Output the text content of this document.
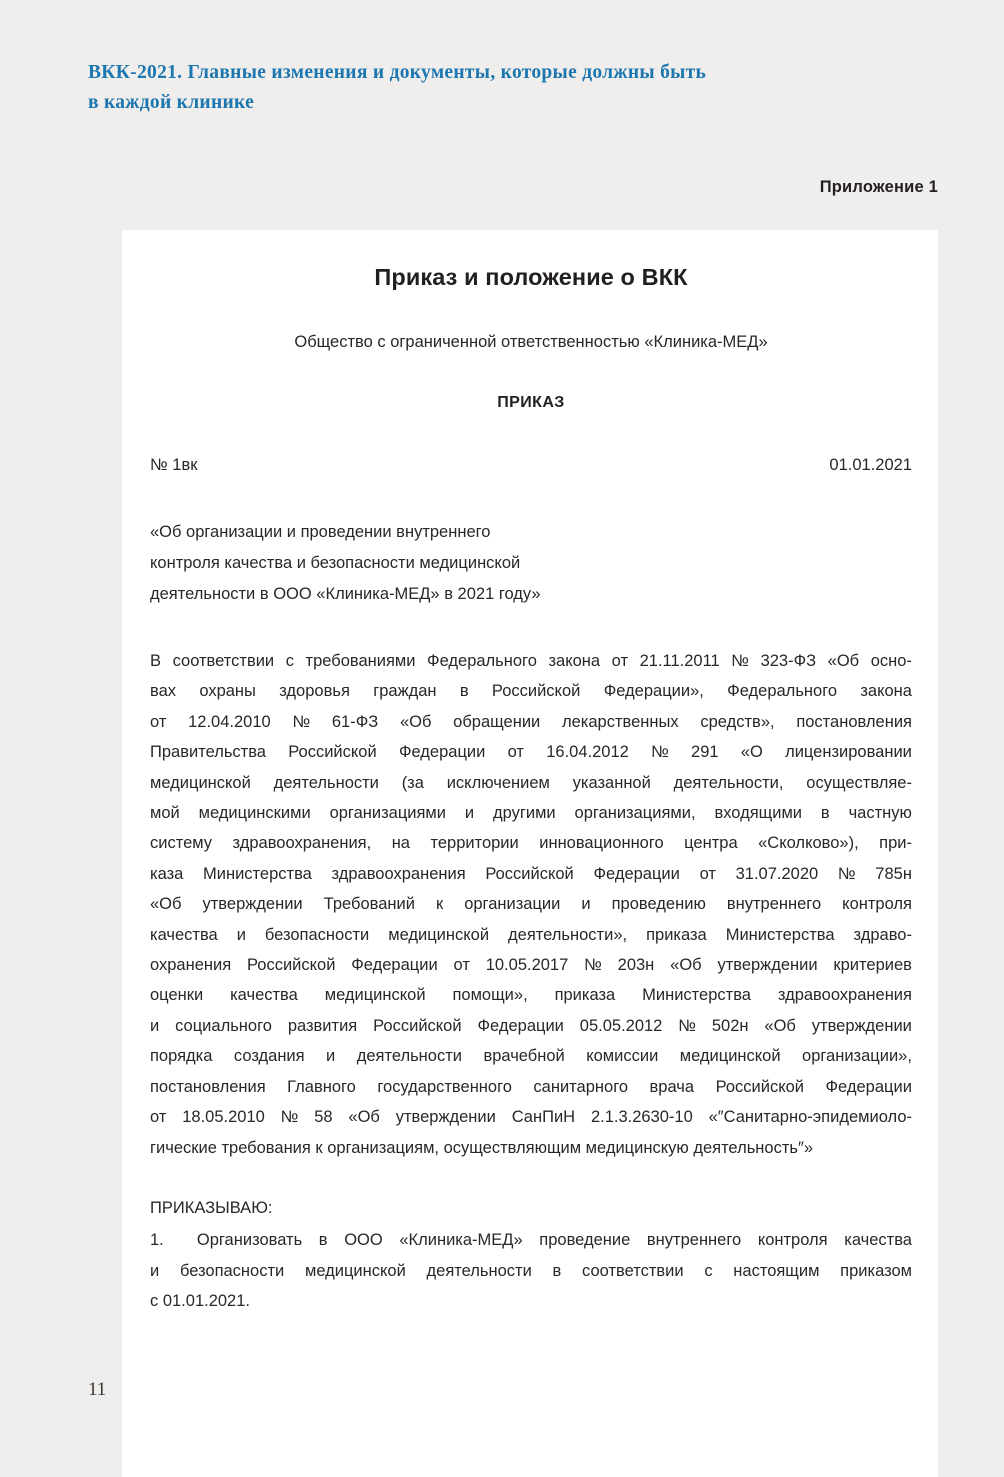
ВКК-2021. Главные изменения и документы, которые должны быть
в каждой клинике
Приложение 1
Приказ и положение о ВКК
Общество с ограниченной ответственностью «Клиника-МЕД»
ПРИКАЗ
№ 1вк	01.01.2021
«Об организации и проведении внутреннего
контроля качества и безопасности медицинской
деятельности в ООО «Клиника-МЕД» в 2021 году»
В соответствии с требованиями Федерального закона от 21.11.2011 № 323-ФЗ «Об осно-
вах охраны здоровья граждан в Российской Федерации», Федерального закона
от 12.04.2010 № 61-ФЗ «Об обращении лекарственных средств», постановления
Правительства Российской Федерации от 16.04.2012 № 291 «О лицензировании
медицинской деятельности (за исключением указанной деятельности, осуществляе-
мой медицинскими организациями и другими организациями, входящими в частную
систему здравоохранения, на территории инновационного центра «Сколково»), при-
каза Министерства здравоохранения Российской Федерации от 31.07.2020 № 785н
«Об утверждении Требований к организации и проведению внутреннего контроля
качества и безопасности медицинской деятельности», приказа Министерства здраво-
охранения Российской Федерации от 10.05.2017 № 203н «Об утверждении критериев
оценки качества медицинской помощи», приказа Министерства здравоохранения
и социального развития Российской Федерации 05.05.2012 № 502н «Об утверждении
порядка создания и деятельности врачебной комиссии медицинской организации»,
постановления Главного государственного санитарного врача Российской Федерации
от 18.05.2010 № 58 «Об утверждении СанПиН 2.1.3.2630-10 «″Санитарно-эпидемиоло-
гические требования к организациям, осуществляющим медицинскую деятельность″»
ПРИКАЗЫВАЮ:
1.  Организовать в ООО «Клиника-МЕД» проведение внутреннего контроля качества
и безопасности медицинской деятельности в соответствии с настоящим приказом
с 01.01.2021.
11
